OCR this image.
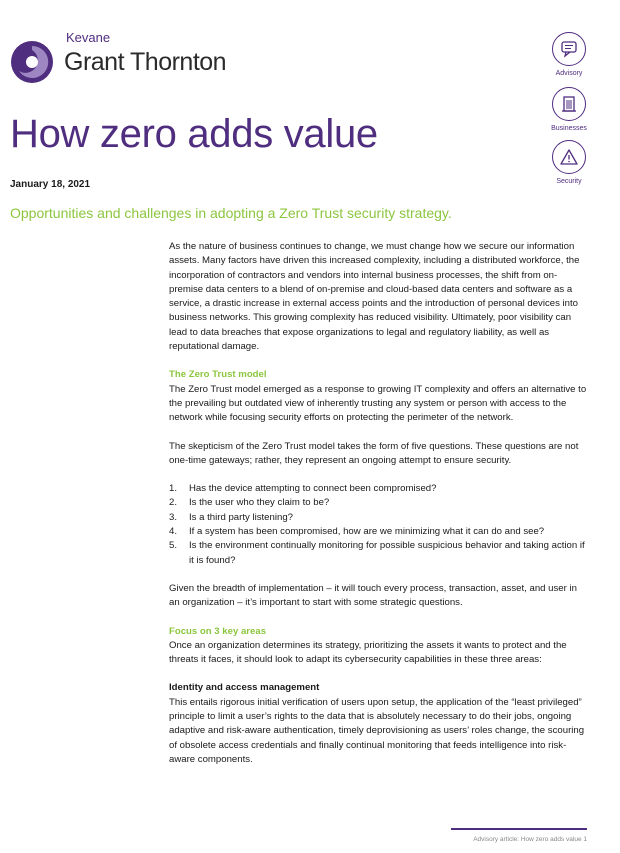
Kevane
Grant Thornton	Advisory
Businesses
Security
How zero adds value
January 18, 2021
Opportunities and challenges in adopting a Zero Trust security strategy.

As the nature of business continues to change, we must change how we secure our information assets. Many factors have driven this increased complexity, including a distributed workforce, the incorporation of contractors and vendors into internal business processes, the shift from on-premise data centers to a blend of on-premise and cloud-based data centers and software as a service, a drastic increase in external access points and the introduction of personal devices into business networks. This growing complexity has reduced visibility. Ultimately, poor visibility can lead to data breaches that expose organizations to legal and regulatory liability, as well as reputational damage.

The Zero Trust model

The Zero Trust model emerged as a response to growing IT complexity and offers an alternative to the prevailing but outdated view of inherently trusting any system or person with access to the network while focusing security efforts on protecting the perimeter of the network.

The skepticism of the Zero Trust model takes the form of five questions. These questions are not one-time gateways; rather, they represent an ongoing attempt to ensure security.

1. Has the device attempting to connect been compromised?
2. Is the user who they claim to be?
3. Is a third party listening?
4. If a system has been compromised, how are we minimizing what it can do and see?
5. Is the environment continually monitoring for possible suspicious behavior and taking action if it is found?

Given the breadth of implementation – it will touch every process, transaction, asset, and user in an organization – it’s important to start with some strategic questions.

Focus on 3 key areas

Once an organization determines its strategy, prioritizing the assets it wants to protect and the threats it faces, it should look to adapt its cybersecurity capabilities in these three areas:

Identity and access management

This entails rigorous initial verification of users upon setup, the application of the “least privileged” principle to limit a user’s rights to the data that is absolutely necessary to do their jobs, ongoing adaptive and risk-aware authentication, timely deprovisioning as users’ roles change, the scouring of obsolete access credentials and finally continual monitoring that feeds intelligence into risk-aware components.

Advisory article: How zero adds value 1
